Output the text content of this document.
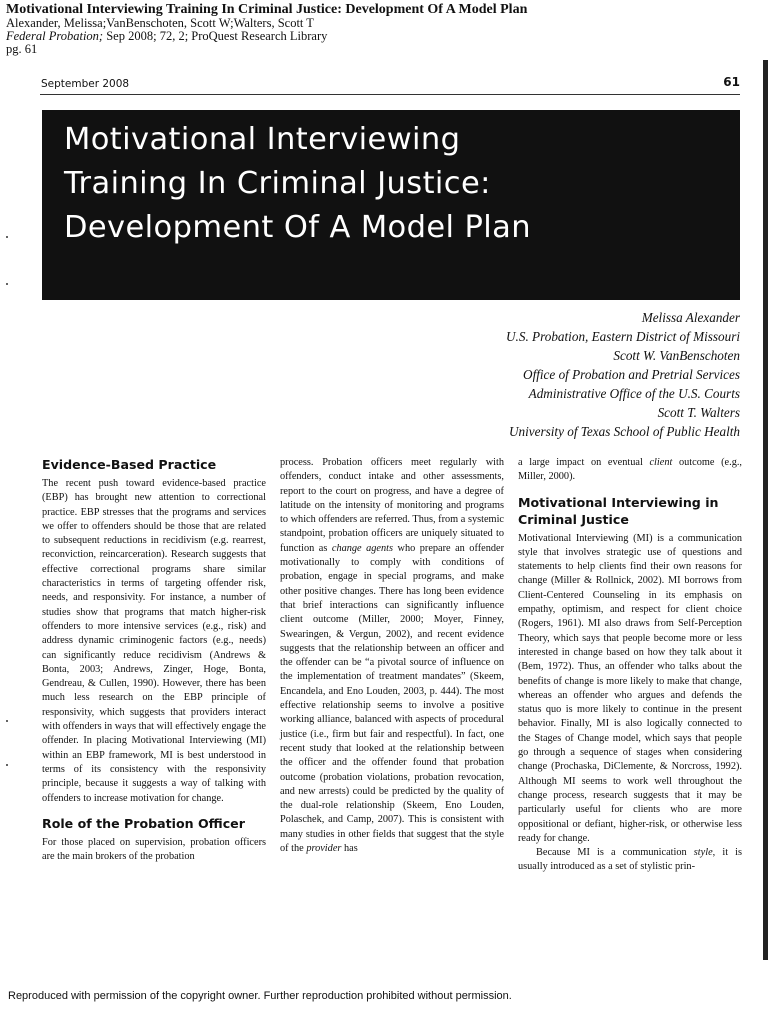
Motivational Interviewing Training In Criminal Justice: Development Of A Model Plan
Alexander, Melissa;VanBenschoten, Scott W;Walters, Scott T
Federal Probation; Sep 2008; 72, 2; ProQuest Research Library
pg. 61
September 2008	61
Motivational Interviewing
Training In Criminal Justice:
Development Of A Model Plan
Melissa Alexander
U.S. Probation, Eastern District of Missouri
Scott W. VanBenschoten
Office of Probation and Pretrial Services
Administrative Office of the U.S. Courts
Scott T. Walters
University of Texas School of Public Health
Evidence-Based Practice

The recent push toward evidence-based practice (EBP) has brought new attention to correctional practice. EBP stresses that the programs and services we offer to offenders should be those that are related to subsequent reductions in recidivism (e.g. rearrest, reconviction, reincarceration). Research suggests that effective correctional programs share similar characteristics in terms of targeting offender risk, needs, and responsivity. For instance, a number of studies show that programs that match higher-risk offenders to more intensive services (e.g., risk) and address dynamic criminogenic factors (e.g., needs) can significantly reduce recidivism (Andrews & Bonta, 2003; Andrews, Zinger, Hoge, Bonta, Gendreau, & Cullen, 1990). However, there has been much less research on the EBP principle of responsivity, which suggests that providers interact with offenders in ways that will effectively engage the offender. In placing Motivational Interviewing (MI) within an EBP framework, MI is best understood in terms of its consistency with the responsivity principle, because it suggests a way of talking with offenders to increase motivation for change.

Role of the Probation Officer

For those placed on supervision, probation officers are the main brokers of the probation

process. Probation officers meet regularly with offenders, conduct intake and other assessments, report to the court on progress, and have a degree of latitude on the intensity of monitoring and programs to which offenders are referred. Thus, from a systemic standpoint, probation officers are uniquely situated to function as change agents who prepare an offender motivationally to comply with conditions of probation, engage in special programs, and make other positive changes. There has long been evidence that brief interactions can significantly influence client outcome (Miller, 2000; Moyer, Finney, Swearingen, & Vergun, 2002), and recent evidence suggests that the relationship between an officer and the offender can be “a pivotal source of influence on the implementation of treatment mandates” (Skeem, Encandela, and Eno Louden, 2003, p. 444). The most effective relationship seems to involve a positive working alliance, balanced with aspects of procedural justice (i.e., firm but fair and respectful). In fact, one recent study that looked at the relationship between the officer and the offender found that probation outcome (probation violations, probation revocation, and new arrests) could be predicted by the quality of the dual-role relationship (Skeem, Eno Louden, Polaschek, and Camp, 2007). This is consistent with many studies in other fields that suggest that the style of the provider has

a large impact on eventual client outcome (e.g., Miller, 2000).

Motivational Interviewing in Criminal Justice

Motivational Interviewing (MI) is a communication style that involves strategic use of questions and statements to help clients find their own reasons for change (Miller & Rollnick, 2002). MI borrows from Client-Centered Counseling in its emphasis on empathy, optimism, and respect for client choice (Rogers, 1961). MI also draws from Self-Perception Theory, which says that people become more or less interested in change based on how they talk about it (Bem, 1972). Thus, an offender who talks about the benefits of change is more likely to make that change, whereas an offender who argues and defends the status quo is more likely to continue in the present behavior. Finally, MI is also logically connected to the Stages of Change model, which says that people go through a sequence of stages when considering change (Prochaska, DiClemente, & Norcross, 1992). Although MI seems to work well throughout the change process, research suggests that it may be particularly useful for clients who are more oppositional or defiant, higher-risk, or otherwise less ready for change.

Because MI is a communication style, it is usually introduced as a set of stylistic prin-

Reproduced with permission of the copyright owner. Further reproduction prohibited without permission.
